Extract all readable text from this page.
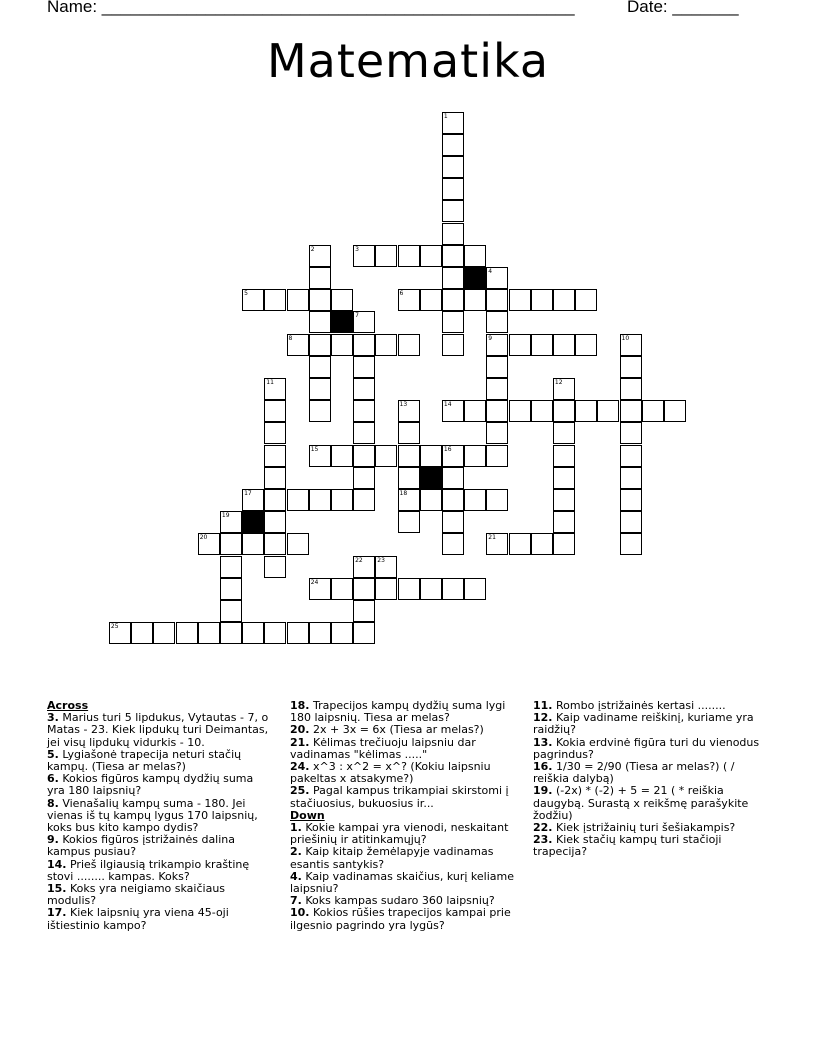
Name: __________________________________________________	Date: _______
Matematika
1
2	3
4
5	6
7
8	9	10
11	12
13	14
15	16
17	18
19
20	21
22 23
24
25
Across
3. Marius turi 5 lipdukus, Vytautas - 7, o Matas - 23. Kiek lipdukų turi Deimantas, jei visų lipdukų vidurkis - 10.
5. Lygiašonė trapecija neturi stačių kampų. (Tiesa ar melas?)
6. Kokios figūros kampų dydžių suma yra 180 laipsnių?
8. Vienašalių kampų suma - 180. Jei vienas iš tų kampų lygus 170 laipsnių, koks bus kito kampo dydis?
9. Kokios figūros įstrižainės dalina kampus pusiau?
14. Prieš ilgiausią trikampio kraštinę stovi ........ kampas. Koks?
15. Koks yra neigiamo skaičiaus modulis?
17. Kiek laipsnių yra viena 45-oji ištiestinio kampo?
18. Trapecijos kampų dydžių suma lygi 180 laipsnių. Tiesa ar melas?
20. 2x + 3x = 6x (Tiesa ar melas?)
21. Kėlimas trečiuoju laipsniu dar vadinamas "kėlimas ....."
24. x^3 : x^2 = x^? (Kokiu laipsniu pakeltas x atsakyme?)
25. Pagal kampus trikampiai skirstomi į stačiuosius, bukuosius ir...
Down
1. Kokie kampai yra vienodi, neskaitant priešinių ir atitinkamųjų?
2. Kaip kitaip žemėlapyje vadinamas esantis santykis?
4. Kaip vadinamas skaičius, kurį keliame laipsniu?
7. Koks kampas sudaro 360 laipsnių?
10. Kokios rūšies trapecijos kampai prie ilgesnio pagrindo yra lygūs?
11. Rombo įstrižainės kertasi ........
12. Kaip vadiname reiškinį, kuriame yra raidžių?
13. Kokia erdvinė figūra turi du vienodus pagrindus?
16. 1/30 = 2/90 (Tiesa ar melas?) ( / reiškia dalybą)
19. (-2x) * (-2) + 5 = 21 ( * reiškia daugybą. Surastą x reikšmę parašykite žodžiu)
22. Kiek įstrižainių turi šešiakampis?
23. Kiek stačių kampų turi stačioji trapecija?
